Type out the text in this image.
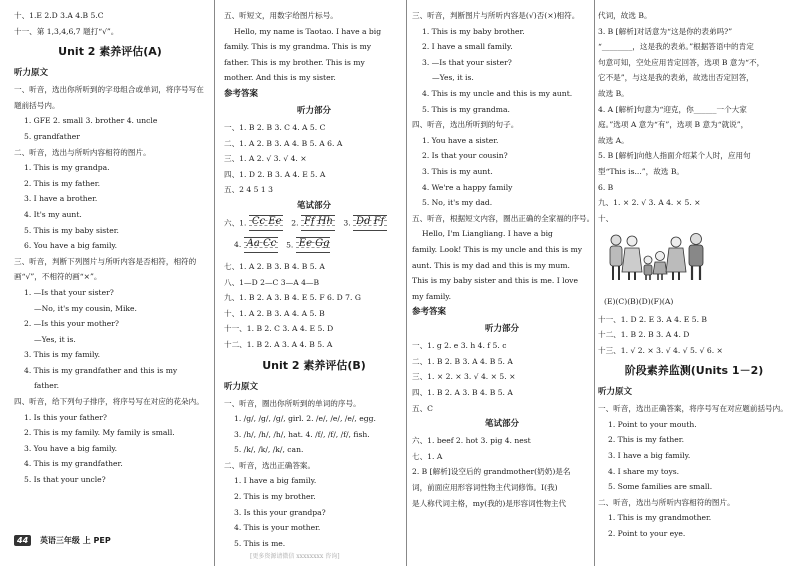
十、1.E 2.D 3.A 4.B 5.C
十一、第 1,3,4,6,7 题打“√”。
Unit 2 素养评估(A)
听力原文
一、听音，选出你所听到的字母组合或单词，将序号写在题前括号内。
1. GFE 2. small 3. brother 4. uncle
5. grandfather
二、听音，选出与所听内容相符的图片。
1. This is my grandpa.
2. This is my father.
3. I have a brother.
4. It's my aunt.
5. This is my baby sister.
6. You have a big family.
三、听音，判断下列图片与所听内容是否相符，相符的画“√”，不相符的画“×”。
1. —Is that your sister?
—No, it's my cousin, Mike.
2. —Is this your mother?
—Yes, it is.
3. This is my family.
4. This is my grandfather and this is my
father.
四、听音，给下列句子排序，将序号写在对应的花朵内。
1. Is this your father?
2. This is my family. My family is small.
3. You have a big family.
4. This is my grandfather.
5. Is that your uncle?
五、听短文，用数字给图片标号。
Hello, my name is Taotao. I have a big
family. This is my grandma. This is my
father. This is my brother. This is my
mother. And this is my sister.
参考答案
听力部分
一、1. B 2. B 3. C 4. A 5. C
二、1. A 2. B 3. A 4. B 5. A 6. A
三、1. A 2. √ 3. √ 4. ×
四、1. D 2. B 3. A 4. E 5. A
五、2 4 5 1 3
笔试部分
六、1. Cc Ee 2. Ff Hh 3. Dd Ff
4. Aa Cc 5. Ee Gg
七、1. A 2. B 3. B 4. B 5. A
八、1—D 2—C 3—A 4—B
九、1. B 2. A 3. B 4. E 5. F 6. D 7. G
十、1. A 2. B 3. A 4. A 5. B
十一、1. B 2. C 3. A 4. E 5. D
十二、1. B 2. A 3. A 4. B 5. A
Unit 2 素养评估(B)
听力原文
一、听音，圈出你所听到的单词的序号。
1. /g/, /g/, /g/, girl. 2. /e/, /e/, /e/, egg.
3. /h/, /h/, /h/, hat. 4. /f/, /f/, /f/, fish.
5. /k/, /k/, /k/, can.
二、听音，选出正确答案。
1. I have a big family.
2. This is my brother.
3. Is this your grandpa?
4. This is your mother.
5. This is me.
三、听音，判断图片与所听内容是(√)否(×)相符。
1. This is my baby brother.
2. I have a small family.
3. —Is that your sister?
—Yes, it is.
4. This is my uncle and this is my aunt.
5. This is my grandma.
四、听音，选出所听到的句子。
1. You have a sister.
2. Is that your cousin?
3. This is my aunt.
4. We're a happy family
5. No, it's my dad.
五、听音，根据短文内容，圈出正确的全家福的序号。
Hello, I'm Liangliang. I have a big
family. Look! This is my uncle and this is my
aunt. This is my dad and this is my mum.
This is my baby sister and this is me. I love
my family.
参考答案
听力部分
一、1. g 2. e 3. h 4. f 5. c
二、1. B 2. B 3. A 4. B 5. A
三、1. × 2. × 3. √ 4. × 5. ×
四、1. B 2. A 3. B 4. B 5. A
五、C
笔试部分
六、1. beef 2. hot 3. pig 4. nest
七、1. A
2. B [解析]设空后的 grandmother(奶奶)是名
词，前面应用形容词性物主代词修饰。I(我)
是人称代词主格，my(我的)是形容词性物主代
代词，故选 B。
3. B [解析]对话意为“这是你的表弟吗?”
“________，这是我的表弟。”根据答语中的肯定
句意可知，空处应用肯定回答，选项 B 意为“不，
它不是”，与这是我的表弟，故选出否定回答，
故选 B。
4. A [解析]句意为“迎克，你______一个大家
庭。”选项 A 意为“有”，选项 B 意为“就说”，
故选 A。
5. B [解析]向他人指面介绍某个人时，应用句
型“This is...”，故选 B。
6. B
九、1. × 2. √ 3. A 4. × 5. ×
十、
(E)(C)(B)(D)(F)(A)
十一、1. D 2. E 3. A 4. E 5. B
十二、1. B 2. B 3. A 4. D
十三、1. √ 2. × 3. √ 4. √ 5. √ 6. ×
阶段素养监测(Units 1－2)
听力原文
一、听音，选出正确答案，将序号写在对应题前括号内。
1. Point to your mouth.
2. This is my father.
3. I have a big family.
4. I share my toys.
5. Some families are small.
二、听音，选出与所听内容相符的图片。
1. This is my grandmother.
2. Point to your eye.
44 英语三年级 上 PEP
[更多资源请微信 xxxxxxxx 咨询]
